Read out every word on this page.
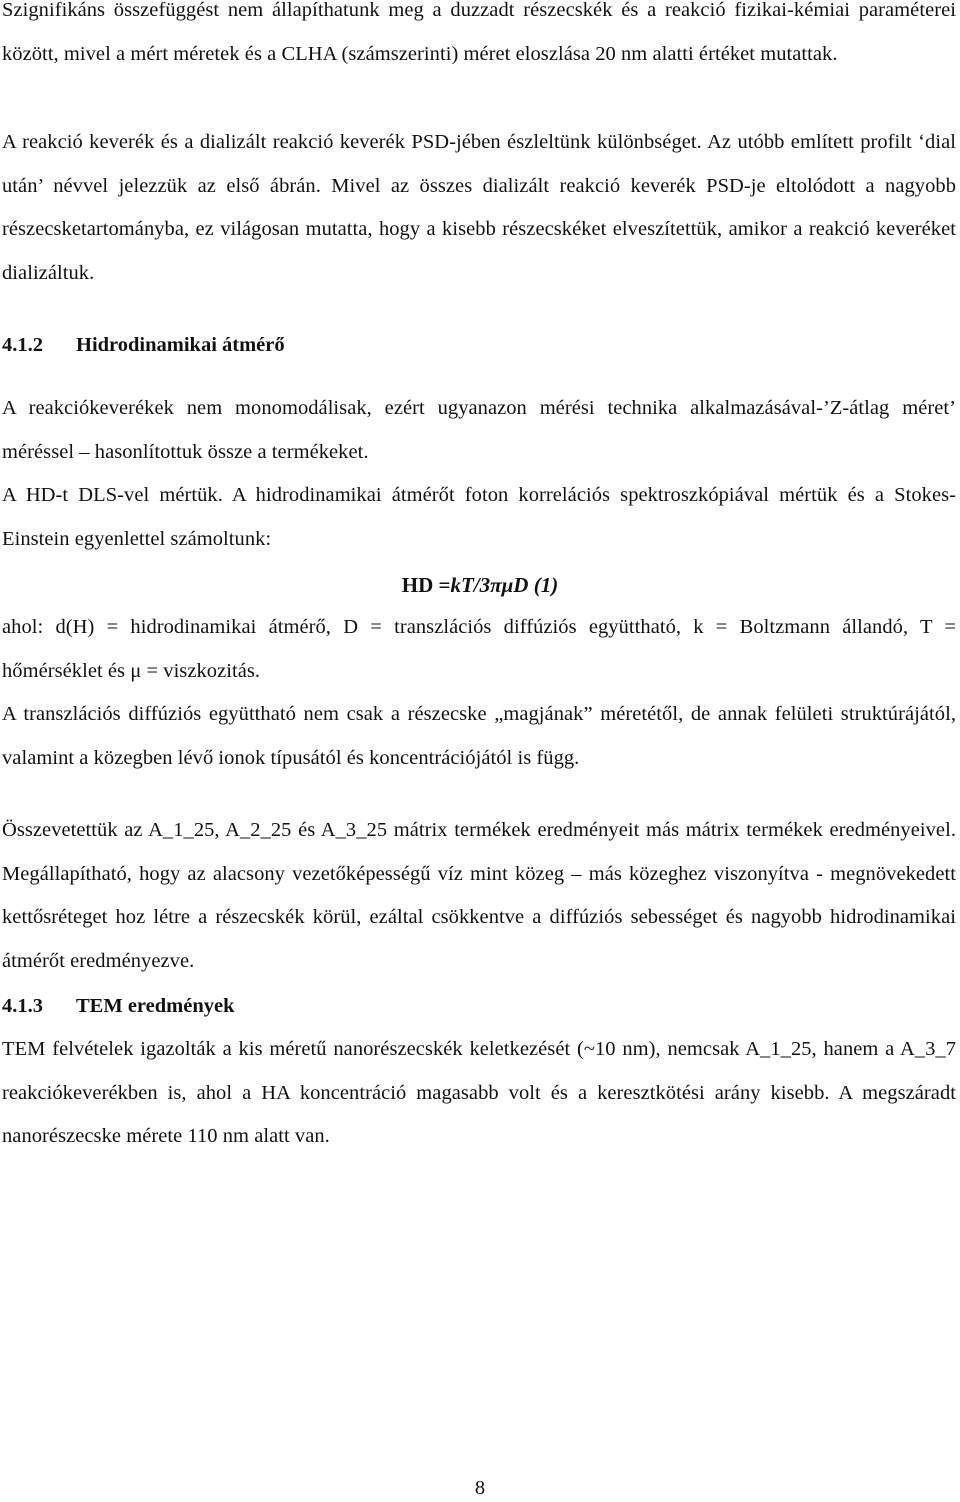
Szignifikáns összefüggést nem állapíthatunk meg a duzzadt részecskék és a reakció fizikai-kémiai paraméterei között, mivel a mért méretek és a CLHA (számszerinti) méret eloszlása 20 nm alatti értéket mutattak.

A reakció keverék és a dializált reakció keverék PSD-jében észleltünk különbséget. Az utóbb említett profilt ‘dial után’ névvel jelezzük az első ábrán. Mivel az összes dializált reakció keverék PSD-je eltolódott a nagyobb részecsketartományba, ez világosan mutatta, hogy a kisebb részecskéket elveszítettük, amikor a reakció keveréket dializáltuk.

4.1.2 Hidrodinamikai átmérő

A reakciókeverékek nem monomodálisak, ezért ugyanazon mérési technika alkalmazásával-’Z-átlag méret’ méréssel – hasonlítottuk össze a termékeket.

A HD-t DLS-vel mértük. A hidrodinamikai átmérőt foton korrelációs spektroszkópiával mértük és a Stokes-Einstein egyenlettel számoltunk:

HD =kT/3πμD (1)

ahol: d(H) = hidrodinamikai átmérő, D = transzlációs diffúziós együttható, k = Boltzmann állandó, T = hőmérséklet és μ = viszkozitás.

A transzlációs diffúziós együttható nem csak a részecske „magjának” méretétől, de annak felületi struktúrájától, valamint a közegben lévő ionok típusától és koncentrációjától is függ.

Összevetettük az A_1_25, A_2_25 és A_3_25 mátrix termékek eredményeit más mátrix termékek eredményeivel. Megállapítható, hogy az alacsony vezetőképességű víz mint közeg – más közeghez viszonyítva - megnövekedett kettősréteget hoz létre a részecskék körül, ezáltal csökkentve a diffúziós sebességet és nagyobb hidrodinamikai átmérőt eredményezve.

4.1.3 TEM eredmények

TEM felvételek igazolták a kis méretű nanorészecskék keletkezését (~10 nm), nemcsak A_1_25, hanem a A_3_7 reakciókeverékben is, ahol a HA koncentráció magasabb volt és a keresztkötési arány kisebb. A megszáradt nanorészecske mérete 110 nm alatt van.

8
